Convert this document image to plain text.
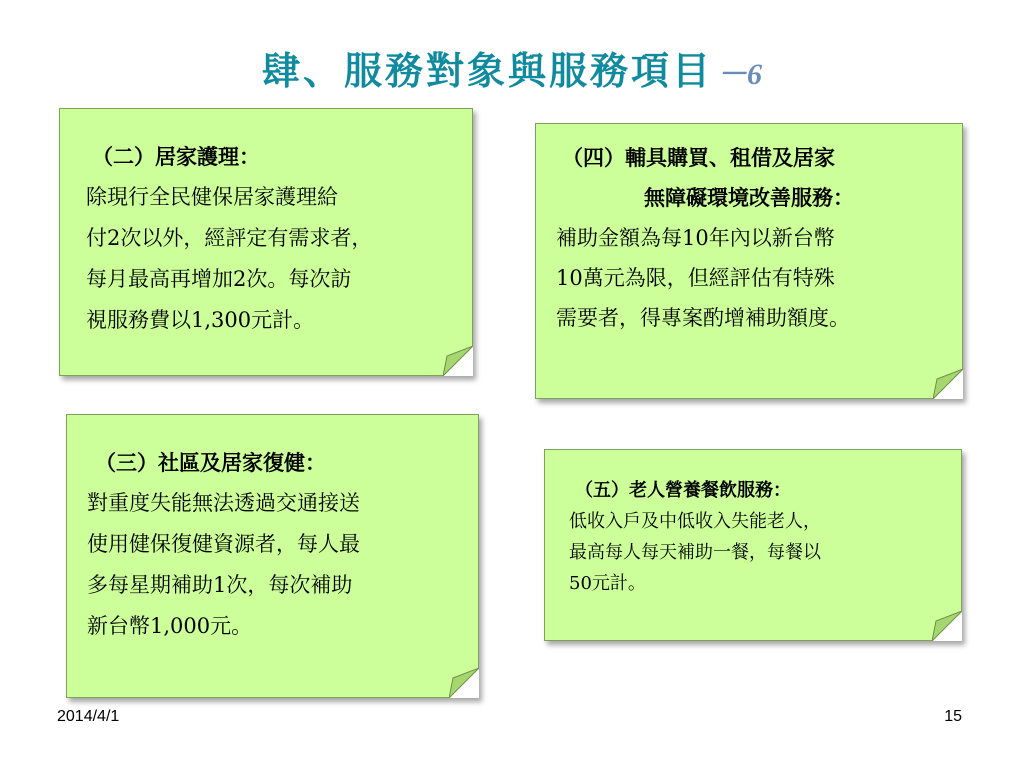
肆、服務對象與服務項目 －6
（二）居家護理：
除現行全民健保居家護理給
付2次以外，經評定有需求者，
每月最高再增加2次。每次訪
視服務費以1,300元計。
（四）輔具購買、租借及居家
無障礙環境改善服務：
補助金額為每10年內以新台幣
10萬元為限，但經評估有特殊
需要者，得專案酌增補助額度。
（三）社區及居家復健：
對重度失能無法透過交通接送
使用健保復健資源者，每人最
多每星期補助1次，每次補助
新台幣1,000元。
（五）老人營養餐飲服務：
低收入戶及中低收入失能老人，
最高每人每天補助一餐，每餐以
50元計。
2014/4/1	15
